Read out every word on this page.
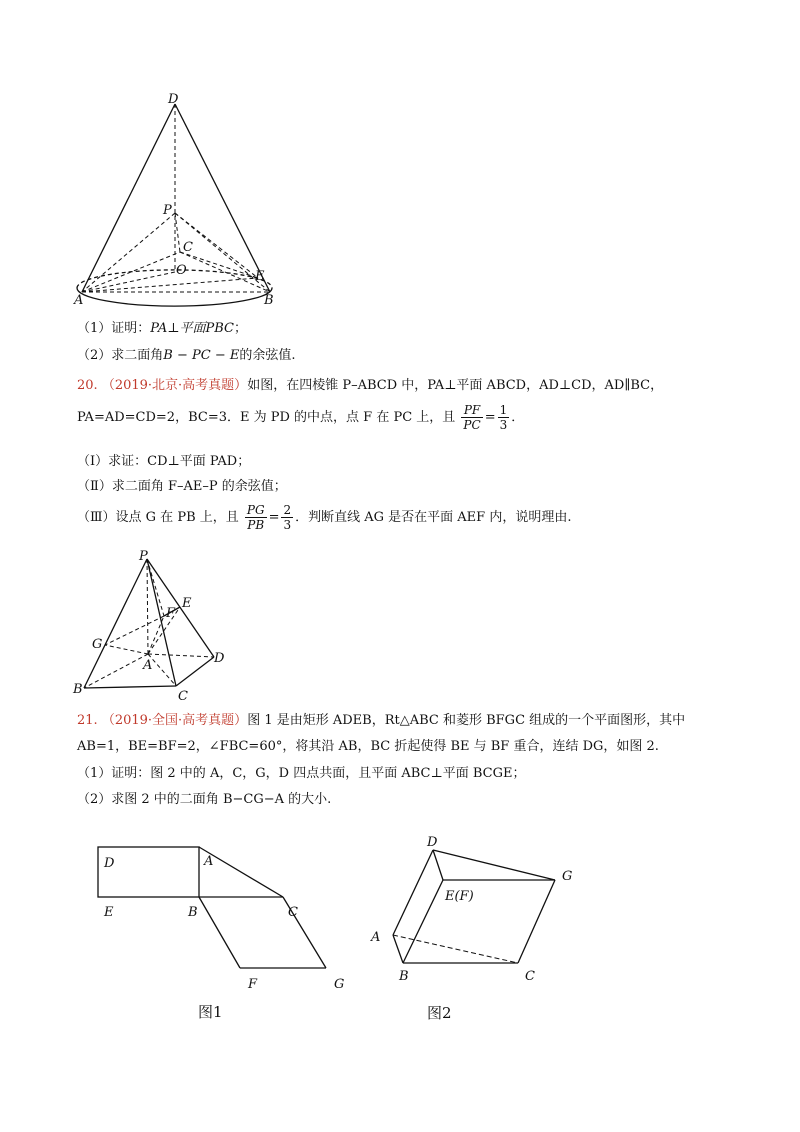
D
P
C
O	E
A	B
（1）证明：PA⊥平面PBC；
（2）求二面角B − PC − E的余弦值.
20. （2019·北京·高考真题）如图，在四棱锥 P–ABCD 中，PA⊥平面 ABCD，AD⊥CD，AD∥BC，
PA=AD=CD=2，BC=3．E 为 PD 的中点，点 F 在 PC 上，且 $\frac{PF}{PC} = \frac{1}{3}$ ．
（Ⅰ）求证：CD⊥平面 PAD；
（Ⅱ）求二面角 F–AE–P 的余弦值；
（Ⅲ）设点 G 在 PB 上，且 $\frac{PG}{PB} = \frac{2}{3}$ ．判断直线 AG 是否在平面 AEF 内，说明理由.
P
E
F
G
A	D
B	C
21. （2019·全国·高考真题）图 1 是由矩形 ADEB，Rt△ABC 和菱形 BFGC 组成的一个平面图形，其中
AB=1，BE=BF=2，∠FBC=60°，将其沿 AB，BC 折起使得 BE 与 BF 重合，连结 DG，如图 2.
（1）证明：图 2 中的 A，C，G，D 四点共面，且平面 ABC⊥平面 BCGE；
（2）求图 2 中的二面角 B−CG−A 的大小.
D	A
E	B	C
F	G
图1
D
G
E(F)
A
B	C
图2
